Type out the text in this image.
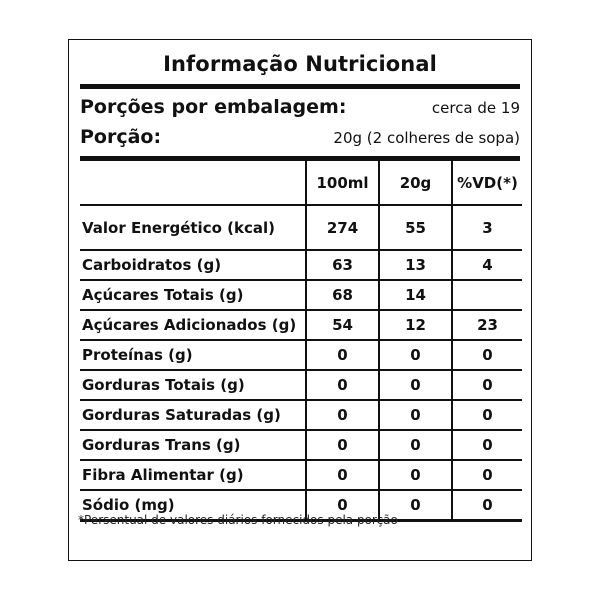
Informação Nutricional
Porções por embalagem:	cerca de 19
Porção:	20g (2 colheres de sopa)
	100ml	20g	%VD(*)
Valor Energético (kcal)	274	55	3
Carboidratos (g)	63	13	4
Açúcares Totais (g)	68	14	
Açúcares Adicionados (g)	54	12	23
Proteínas (g)	0	0	0
Gorduras Totais (g)	0	0	0
Gorduras Saturadas (g)	0	0	0
Gorduras Trans (g)	0	0	0
Fibra Alimentar (g)	0	0	0
Sódio (mg)	0	0	0
*Persentual de valores diários fornecidos pela porção
